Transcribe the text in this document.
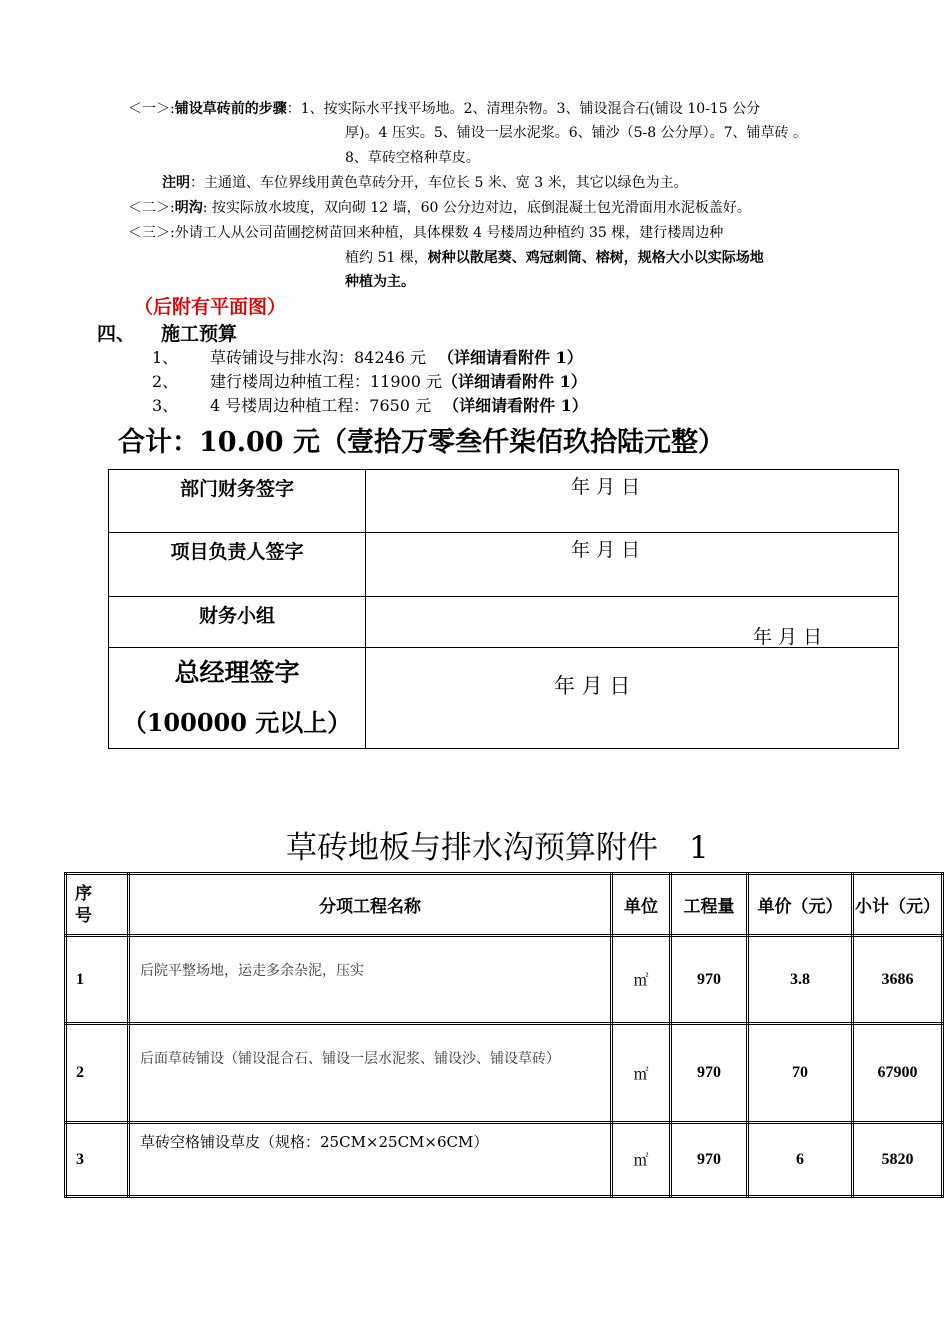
＜一＞:铺设草砖前的步骤：1、按实际水平找平场地。2、清理杂物。3、铺设混合石(铺设 10-15 公分
厚)。4 压实。5、铺设一层水泥浆。6、铺沙（5-8 公分厚）。7、铺草砖 。
8、草砖空格种草皮。
注明：主通道、车位界线用黄色草砖分开，车位长 5 米、宽 3 米，其它以绿色为主。
＜二＞:明沟: 按实际放水坡度，双向砌 12 墙，60 公分边对边，底倒混凝土包光滑面用水泥板盖好。
＜三＞:外请工人从公司苗圃挖树苗回来种植，具体棵数 4 号楼周边种植约 35 棵，建行楼周边种
植约 51 棵，树种以散尾葵、鸡冠刺筒、榕树，规格大小以实际场地
种植为主。
（后附有平面图）
四、 施工预算
1、 草砖铺设与排水沟：84246 元 （详细请看附件 1）
2、 建行楼周边种植工程：11900 元（详细请看附件 1）
3、 4 号楼周边种植工程：7650 元 （详细请看附件 1）
合计：10.00 元（壹拾万零叁仟柒佰玖拾陆元整）
部门财务签字	年 月 日

项目负责人签字	年 月 日

财务小组	年 月 日

总经理签字
（100000 元以上）	年 月 日
草砖地板与排水沟预算附件　1
序
号	分项工程名称	单位	工程量	单价（元）	小计（元）
1	后院平整场地，运走多余杂泥，压实	㎡	970	3.8	3686
2	后面草砖铺设（铺设混合石、铺设一层水泥浆、铺设沙、铺设草砖）	㎡	970	70	67900
3	草砖空格铺设草皮（规格：25CM×25CM×6CM）	㎡	970	6	5820
